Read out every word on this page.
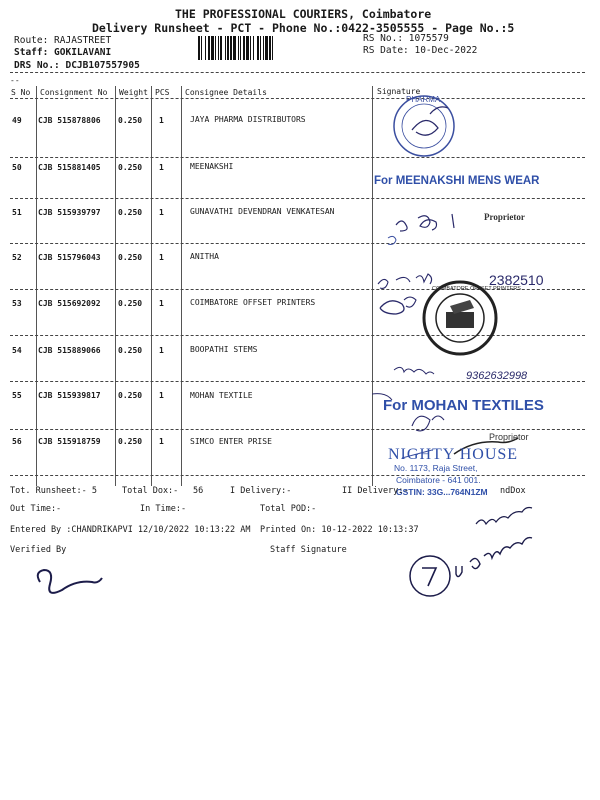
THE PROFESSIONAL COURIERS, Coimbatore
Delivery Runsheet - PCT - Phone No.:0422-3505555 - Page No.:5
Route: RAJASTREET
Staff: GOKILAVANI
DRS No.: DCJB107557905
RS No.: 1075579
RS Date: 10-Dec-2022
--
S No Consignment No Weight PCS Consignee Details	Signature
49 CJB 515878806 0.250 1	JAYA PHARMA DISTRIBUTORS
50 CJB 515881405 0.250 1	MEENAKSHI
51 CJB 515939797 0.250 1	GUNAVATHI DEVENDRAN VENKATESAN
52 CJB 515796043 0.250 1	ANITHA
53 CJB 515692092 0.250 1	COIMBATORE OFFSET PRINTERS
54 CJB 515889066 0.250 1	BOOPATHI STEMS
55 CJB 515939817 0.250 1	MOHAN TEXTILE
56 CJB 515918759 0.250 1	SIMCO ENTER PRISE
PHARMA
COIMBATORE OFFSET PRINTERS
For MEENAKSHI MENS WEAR
Proprietor
2382510
9362632998
For MOHAN TEXTILES
Proprietor
NIGHTY HOUSE
No. 1173, Raja Street,
Coimbatore - 641 001.
GSTIN: 33G...764N1ZM
Tot. Runsheet:- 5	Total Dox:- 56	I Delivery:-	II Delivery:-	ndDox
Out Time:-	In Time:-	Total POD:-
Entered By :CHANDRIKAPVI 12/10/2022 10:13:22 AM Printed On: 10-12-2022 10:13:37
Verified By	Staff Signature
